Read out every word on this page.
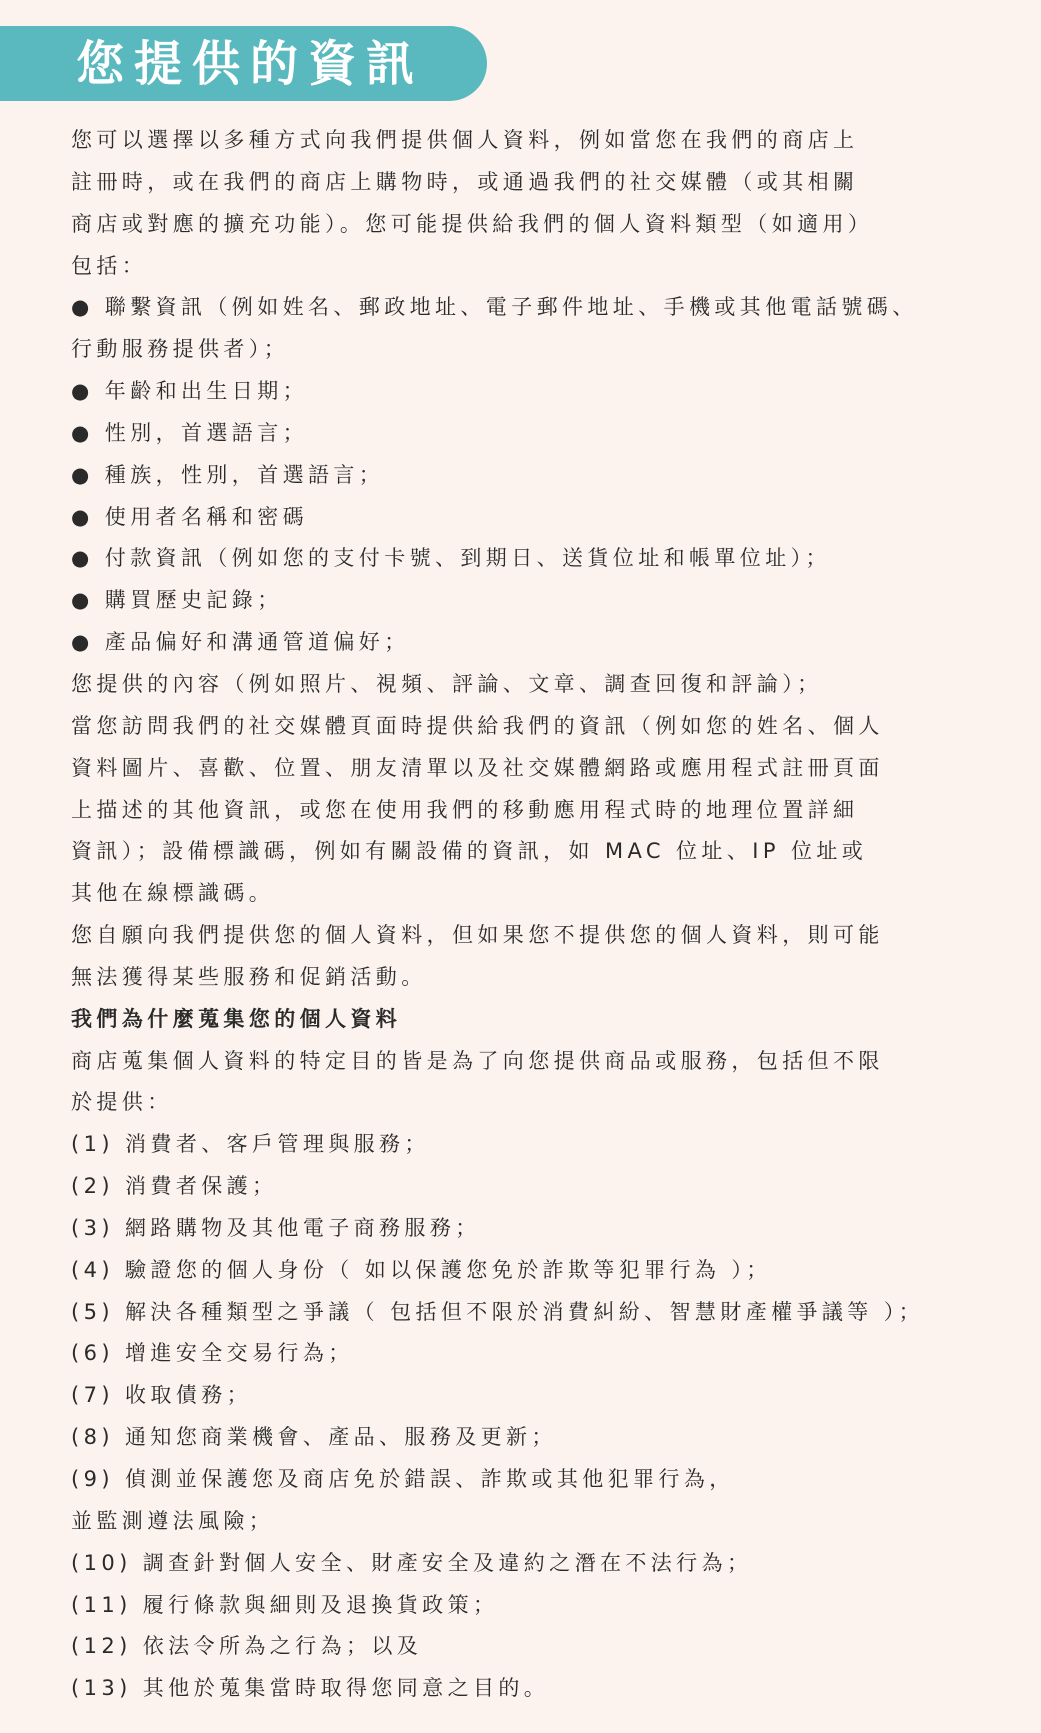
您提供的資訊
您可以選擇以多種方式向我們提供個人資料，例如當您在我們的商店上
註冊時，或在我們的商店上購物時，或通過我們的社交媒體（或其相關
商店或對應的擴充功能）。您可能提供給我們的個人資料類型（如適用）
包括：
● 聯繫資訊（例如姓名、郵政地址、電子郵件地址、手機或其他電話號碼、
行動服務提供者）；
● 年齡和出生日期；
● 性別，首選語言；
● 種族，性別，首選語言；
● 使用者名稱和密碼
● 付款資訊（例如您的支付卡號、到期日、送貨位址和帳單位址）；
● 購買歷史記錄；
● 產品偏好和溝通管道偏好；
您提供的內容（例如照片、視頻、評論、文章、調查回復和評論）；
當您訪問我們的社交媒體頁面時提供給我們的資訊（例如您的姓名、個人
資料圖片、喜歡、位置、朋友清單以及社交媒體網路或應用程式註冊頁面
上描述的其他資訊，或您在使用我們的移動應用程式時的地理位置詳細
資訊）；設備標識碼，例如有關設備的資訊，如 MAC 位址、IP 位址或
其他在線標識碼。
您自願向我們提供您的個人資料，但如果您不提供您的個人資料，則可能
無法獲得某些服務和促銷活動。
我們為什麼蒐集您的個人資料
商店蒐集個人資料的特定目的皆是為了向您提供商品或服務，包括但不限
於提供：
(1) 消費者、客戶管理與服務；
(2) 消費者保護；
(3) 網路購物及其他電子商務服務；
(4) 驗證您的個人身份（ 如以保護您免於詐欺等犯罪行為 ）；
(5) 解決各種類型之爭議（ 包括但不限於消費糾紛、智慧財產權爭議等 ）；
(6) 增進安全交易行為；
(7) 收取債務；
(8) 通知您商業機會、產品、服務及更新；
(9) 偵測並保護您及商店免於錯誤、詐欺或其他犯罪行為，
並監測遵法風險；
(10) 調查針對個人安全、財產安全及違約之潛在不法行為；
(11) 履行條款與細則及退換貨政策；
(12) 依法令所為之行為；以及
(13) 其他於蒐集當時取得您同意之目的。
